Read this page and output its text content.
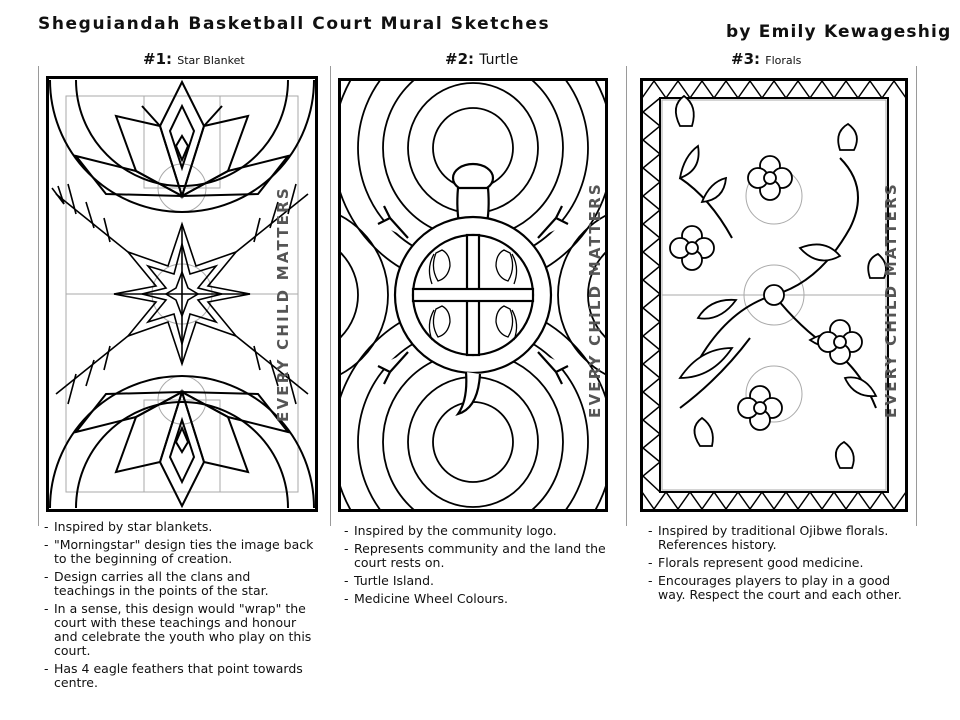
Sheguiandah Basketball Court Mural Sketches	by Emily Kewageshig
#1: Star Blanket	#2: Turtle	#3: Florals
EVERY CHILD MATTERS	EVERY CHILD MATTERS	EVERY CHILD MATTERS
- Inspired by star blankets.
- "Morningstar" design ties the image back to the beginning of creation.
- Design carries all the clans and teachings in the points of the star.
- In a sense, this design would "wrap" the court with these teachings and honour and celebrate the youth who play on this court.
- Has 4 eagle feathers that point towards centre.
- Inspired by the community logo.
- Represents community and the land the court rests on.
- Turtle Island.
- Medicine Wheel Colours.
- Inspired by traditional Ojibwe florals. References history.
- Florals represent good medicine.
- Encourages players to play in a good way. Respect the court and each other.
